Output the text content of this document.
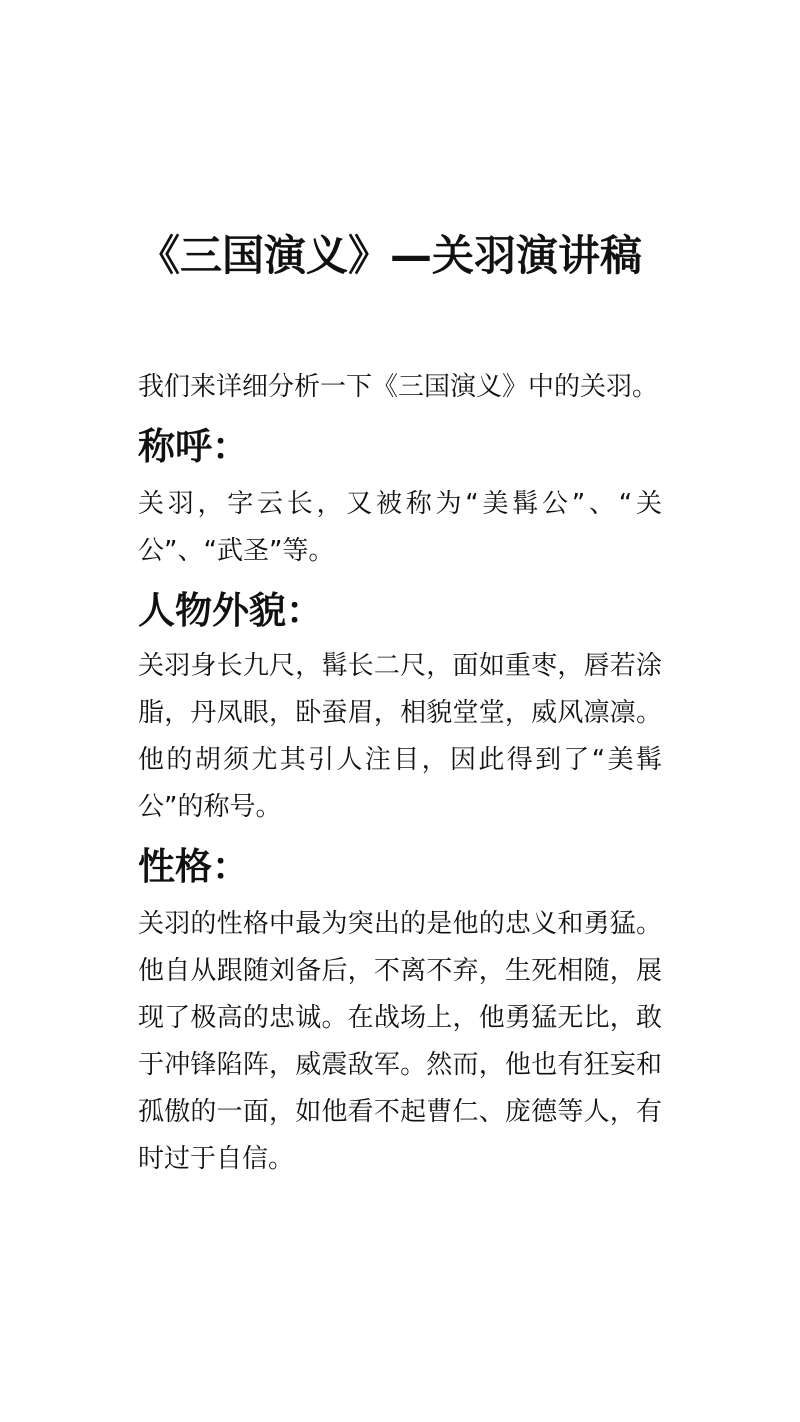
《三国演义》—关羽演讲稿

我们来详细分析一下《三国演义》中的关羽。

称呼：

关羽，字云长，又被称为“美髯公”、“关公”、“武圣”等。

人物外貌：

关羽身长九尺，髯长二尺，面如重枣，唇若涂脂，丹凤眼，卧蚕眉，相貌堂堂，威风凛凛。他的胡须尤其引人注目，因此得到了“美髯公”的称号。

性格：

关羽的性格中最为突出的是他的忠义和勇猛。他自从跟随刘备后，不离不弃，生死相随，展现了极高的忠诚。在战场上，他勇猛无比，敢于冲锋陷阵，威震敌军。然而，他也有狂妄和孤傲的一面，如他看不起曹仁、庞德等人，有时过于自信。
